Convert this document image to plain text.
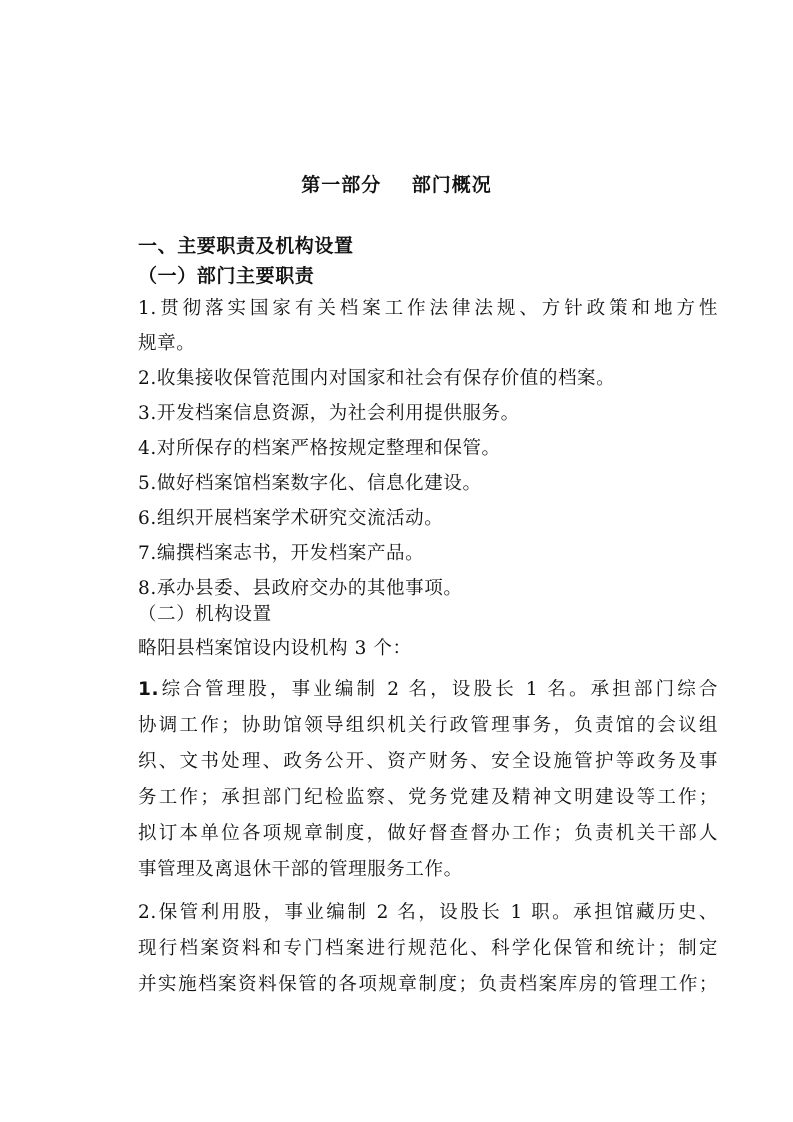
第一部分    部门概况
一、主要职责及机构设置
（一）部门主要职责
1.贯彻落实国家有关档案工作法律法规、方针政策和地方性
规章。
2.收集接收保管范围内对国家和社会有保存价值的档案。
3.开发档案信息资源，为社会利用提供服务。
4.对所保存的档案严格按规定整理和保管。
5.做好档案馆档案数字化、信息化建设。
6.组织开展档案学术研究交流活动。
7.编撰档案志书，开发档案产品。
8.承办县委、县政府交办的其他事项。
（二）机构设置
略阳县档案馆设内设机构 3 个：
1.综合管理股，事业编制 2 名，设股长 1 名。承担部门综合
协调工作；协助馆领导组织机关行政管理事务，负责馆的会议组
织、文书处理、政务公开、资产财务、安全设施管护等政务及事
务工作；承担部门纪检监察、党务党建及精神文明建设等工作；
拟订本单位各项规章制度，做好督查督办工作；负责机关干部人
事管理及离退休干部的管理服务工作。
2.保管利用股，事业编制 2 名，设股长 1 职。承担馆藏历史、
现行档案资料和专门档案进行规范化、科学化保管和统计；制定
并实施档案资料保管的各项规章制度；负责档案库房的管理工作；
